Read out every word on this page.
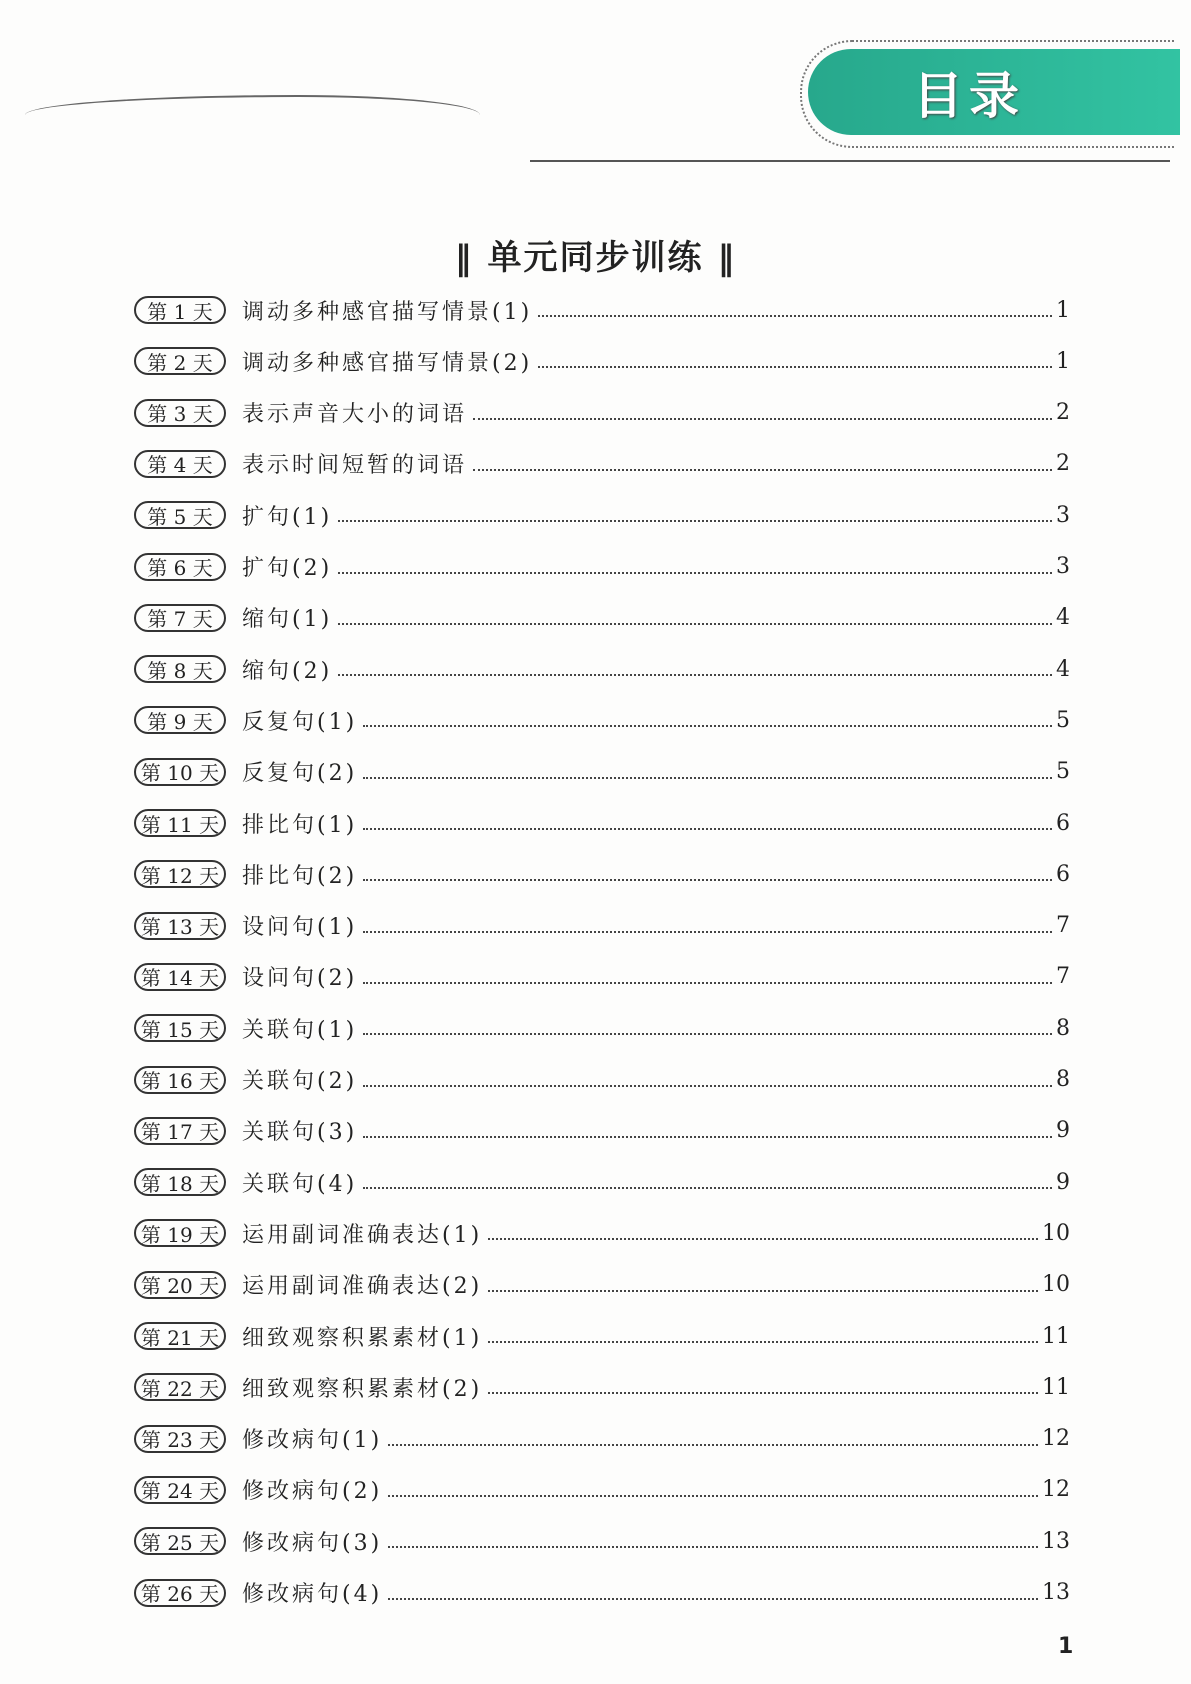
目录
‖ 单元同步训练 ‖
第 1 天	调动多种感官描写情景(1)	1
第 2 天	调动多种感官描写情景(2)	1
第 3 天	表示声音大小的词语	2
第 4 天	表示时间短暂的词语	2
第 5 天	扩句(1)	3
第 6 天	扩句(2)	3
第 7 天	缩句(1)	4
第 8 天	缩句(2)	4
第 9 天	反复句(1)	5
第 10 天	反复句(2)	5
第 11 天	排比句(1)	6
第 12 天	排比句(2)	6
第 13 天	设问句(1)	7
第 14 天	设问句(2)	7
第 15 天	关联句(1)	8
第 16 天	关联句(2)	8
第 17 天	关联句(3)	9
第 18 天	关联句(4)	9
第 19 天	运用副词准确表达(1)	10
第 20 天	运用副词准确表达(2)	10
第 21 天	细致观察积累素材(1)	11
第 22 天	细致观察积累素材(2)	11
第 23 天	修改病句(1)	12
第 24 天	修改病句(2)	12
第 25 天	修改病句(3)	13
第 26 天	修改病句(4)	13
1
